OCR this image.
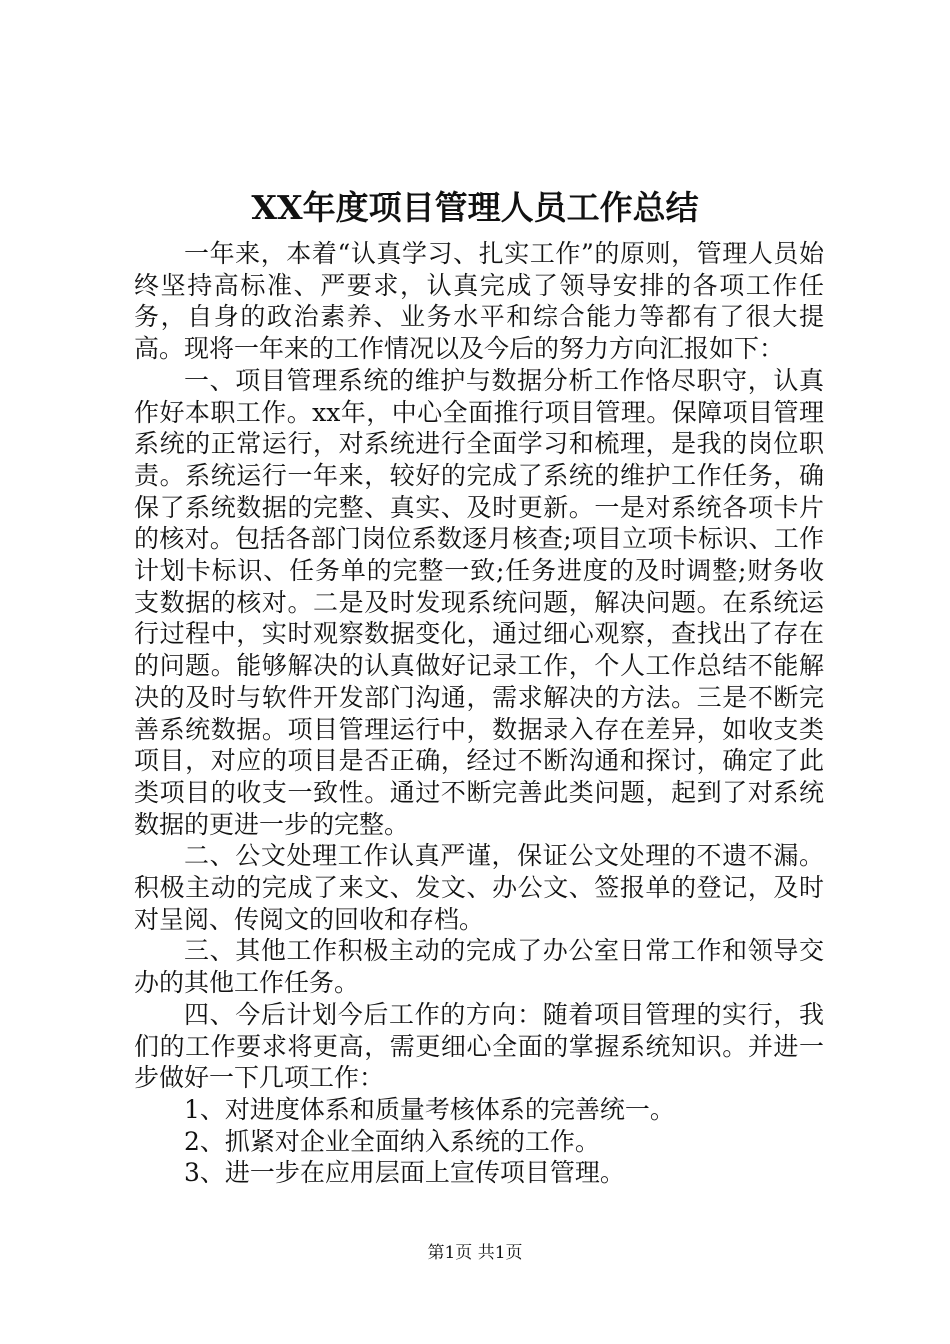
XX年度项目管理人员工作总结

一年来，本着“认真学习、扎实工作”的原则，管理人员始终坚持高标准、严要求，认真完成了领导安排的各项工作任务，自身的政治素养、业务水平和综合能力等都有了很大提高。现将一年来的工作情况以及今后的努力方向汇报如下：

一、项目管理系统的维护与数据分析工作恪尽职守，认真作好本职工作。xx年，中心全面推行项目管理。保障项目管理系统的正常运行，对系统进行全面学习和梳理，是我的岗位职责。系统运行一年来，较好的完成了系统的维护工作任务，确保了系统数据的完整、真实、及时更新。一是对系统各项卡片的核对。包括各部门岗位系数逐月核查;项目立项卡标识、工作计划卡标识、任务单的完整一致;任务进度的及时调整;财务收支数据的核对。二是及时发现系统问题，解决问题。在系统运行过程中，实时观察数据变化，通过细心观察，查找出了存在的问题。能够解决的认真做好记录工作，个人工作总结不能解决的及时与软件开发部门沟通，需求解决的方法。三是不断完善系统数据。项目管理运行中，数据录入存在差异，如收支类项目，对应的项目是否正确，经过不断沟通和探讨，确定了此类项目的收支一致性。通过不断完善此类问题，起到了对系统数据的更进一步的完整。

二、公文处理工作认真严谨，保证公文处理的不遗不漏。积极主动的完成了来文、发文、办公文、签报单的登记，及时对呈阅、传阅文的回收和存档。

三、其他工作积极主动的完成了办公室日常工作和领导交办的其他工作任务。

四、今后计划今后工作的方向：随着项目管理的实行，我们的工作要求将更高，需更细心全面的掌握系统知识。并进一步做好一下几项工作：

1、对进度体系和质量考核体系的完善统一。

2、抓紧对企业全面纳入系统的工作。

3、进一步在应用层面上宣传项目管理。

第1页 共1页
